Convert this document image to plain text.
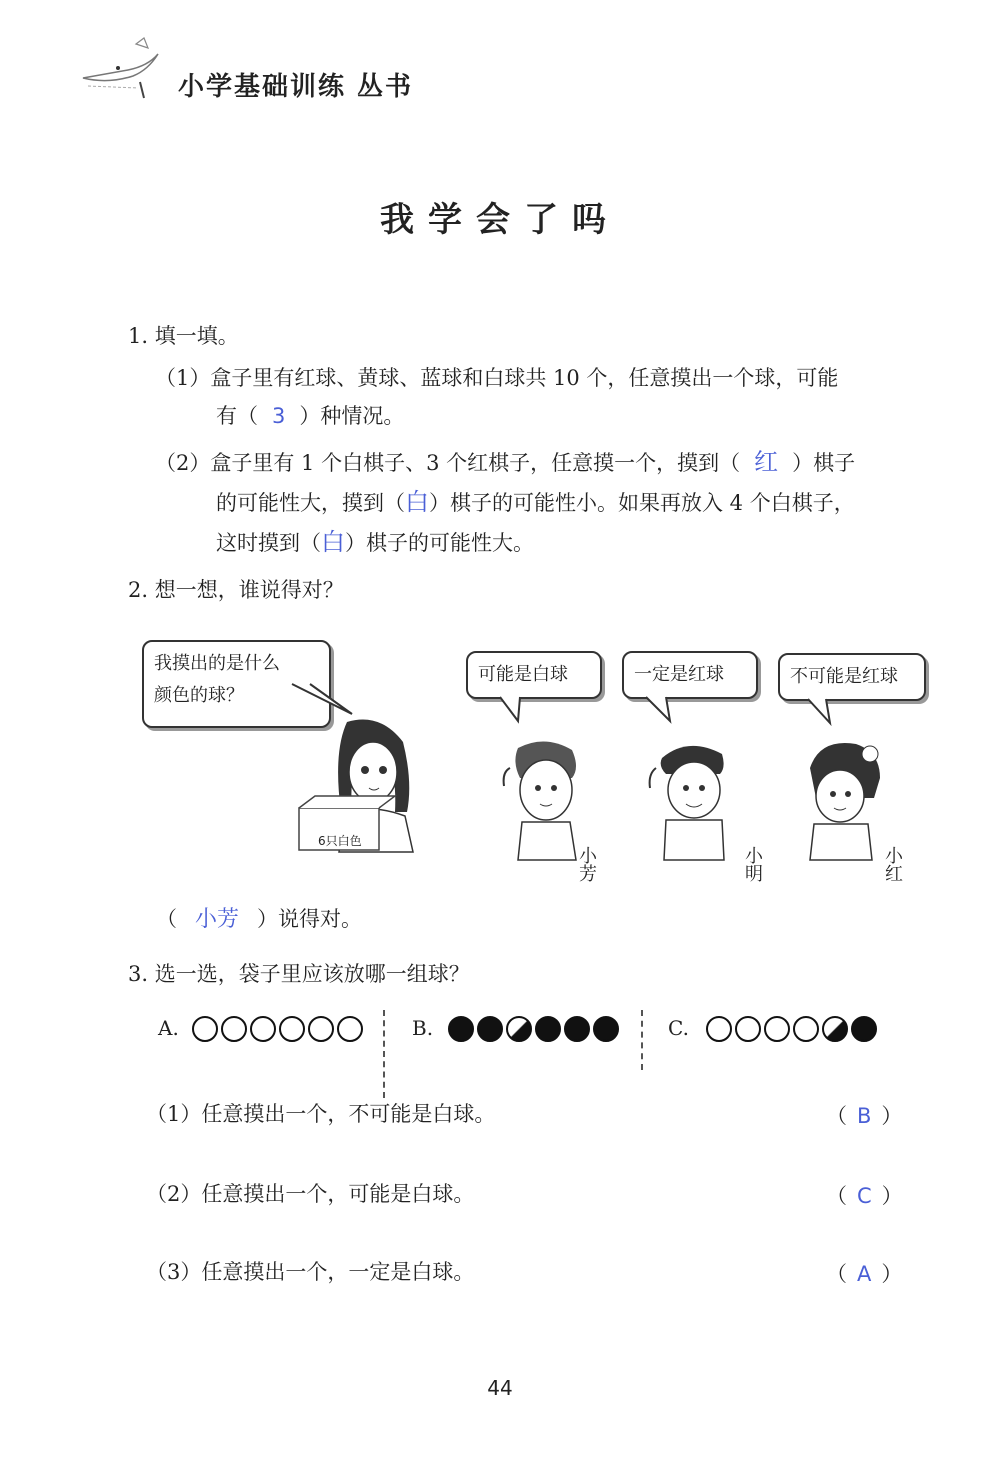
小学基础训练 丛书
我学会了吗
1. 填一填。
（1）盒子里有红球、黄球、蓝球和白球共 10 个，任意摸出一个球，可能
有（ 3 ）种情况。
（2）盒子里有 1 个白棋子、3 个红棋子，任意摸一个，摸到（ 红 ）棋子
的可能性大，摸到（白）棋子的可能性小。如果再放入 4 个白棋子，
这时摸到（白）棋子的可能性大。
2. 想一想，谁说得对？
我摸出的是什么
颜色的球？
6只白色
可能是白球	一定是红球	不可能是红球
小芳	小明	小红
（ 小芳 ）说得对。
3. 选一选，袋子里应该放哪一组球？
A.	B.	C.
（1）任意摸出一个，不可能是白球。	（ B ）
（2）任意摸出一个，可能是白球。	（ C ）
（3）任意摸出一个，一定是白球。	（ A ）
44
